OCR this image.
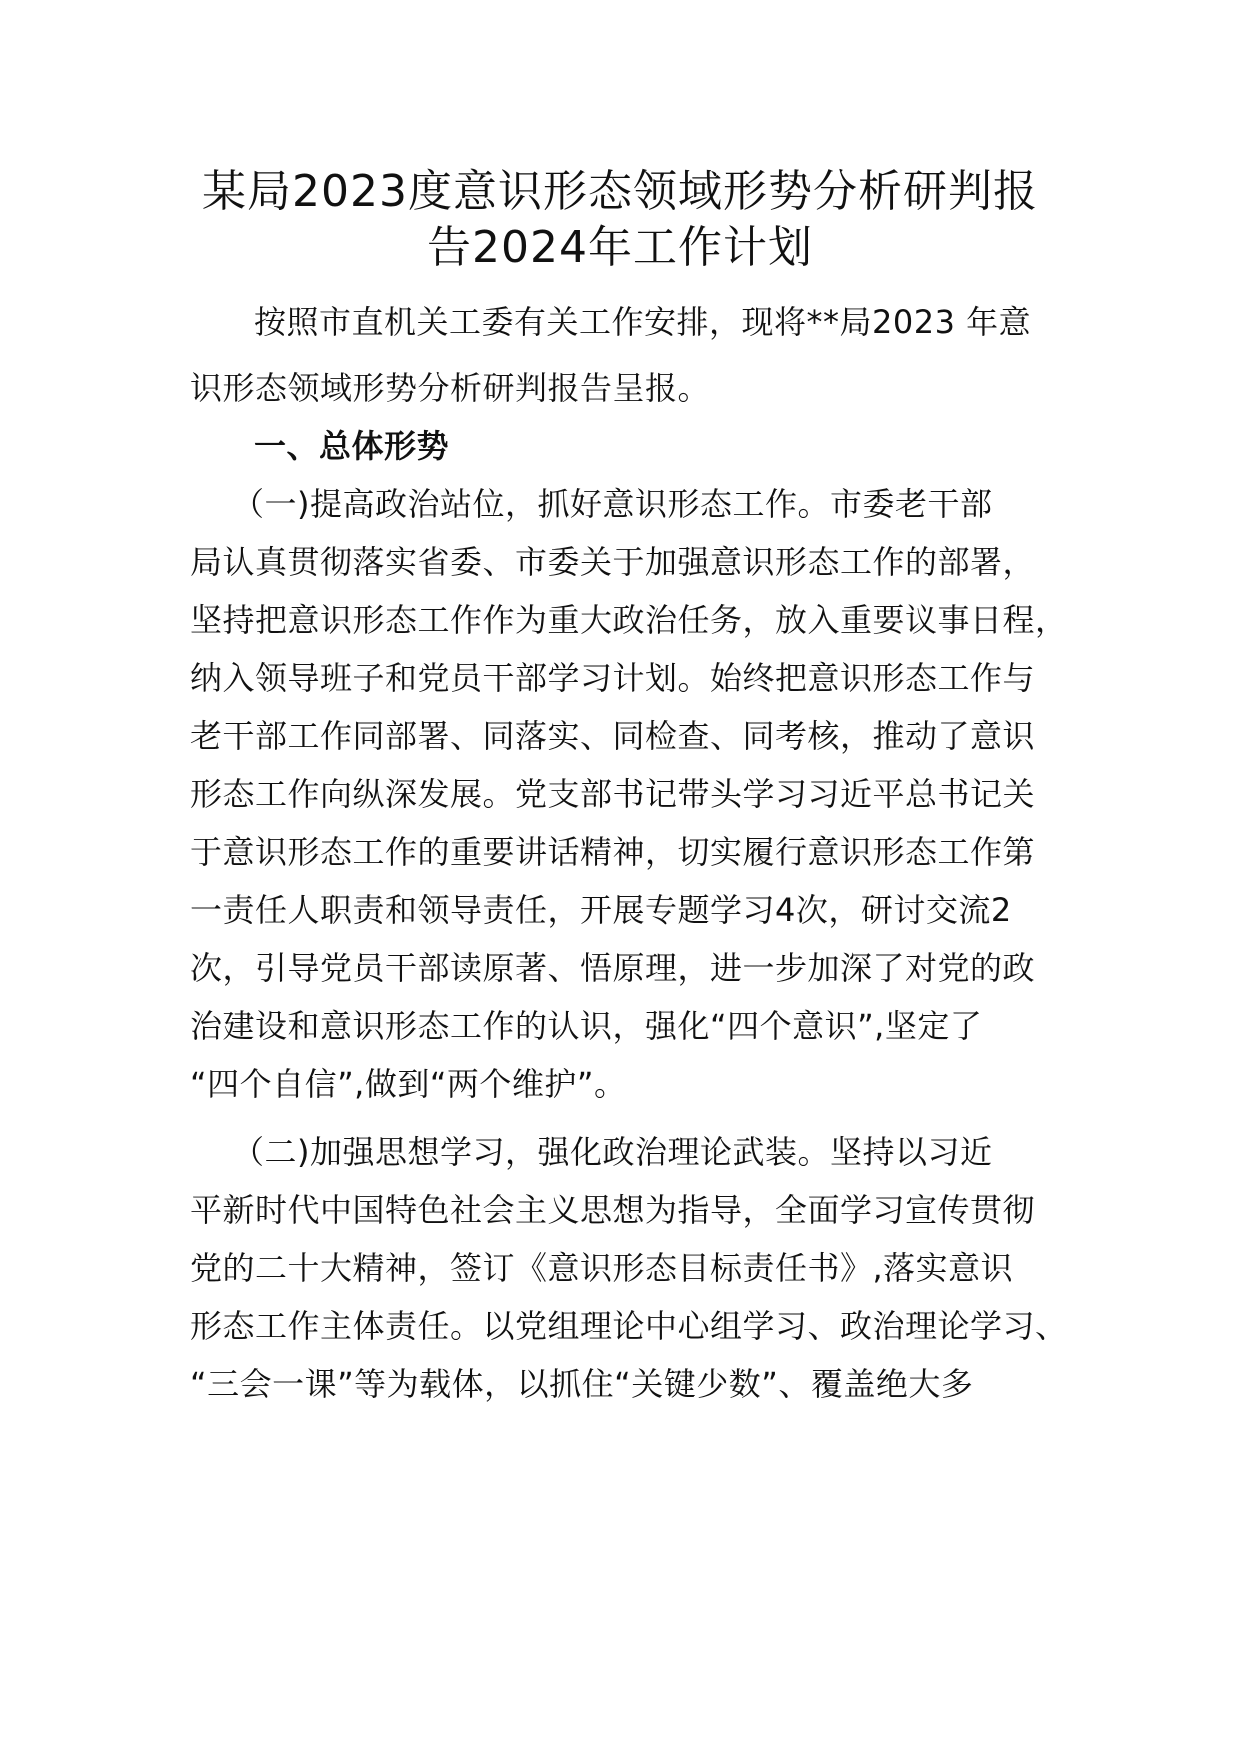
某局2023度意识形态领域形势分析研判报
告2024年工作计划
按照市直机关工委有关工作安排，现将**局2023 年意
识形态领域形势分析研判报告呈报。
一、总体形势
（一)提高政治站位，抓好意识形态工作。市委老干部
局认真贯彻落实省委、市委关于加强意识形态工作的部署，
坚持把意识形态工作作为重大政治任务，放入重要议事日程，
纳入领导班子和党员干部学习计划。始终把意识形态工作与
老干部工作同部署、同落实、同检查、同考核，推动了意识
形态工作向纵深发展。党支部书记带头学习习近平总书记关
于意识形态工作的重要讲话精神，切实履行意识形态工作第
一责任人职责和领导责任，开展专题学习4次，研讨交流2
次，引导党员干部读原著、悟原理，进一步加深了对党的政
治建设和意识形态工作的认识，强化“四个意识”,坚定了
“四个自信”,做到“两个维护”。
（二)加强思想学习，强化政治理论武装。坚持以习近
平新时代中国特色社会主义思想为指导，全面学习宣传贯彻
党的二十大精神，签订《意识形态目标责任书》,落实意识
形态工作主体责任。以党组理论中心组学习、政治理论学习、
“三会一课”等为载体，以抓住“关键少数”、覆盖绝大多
